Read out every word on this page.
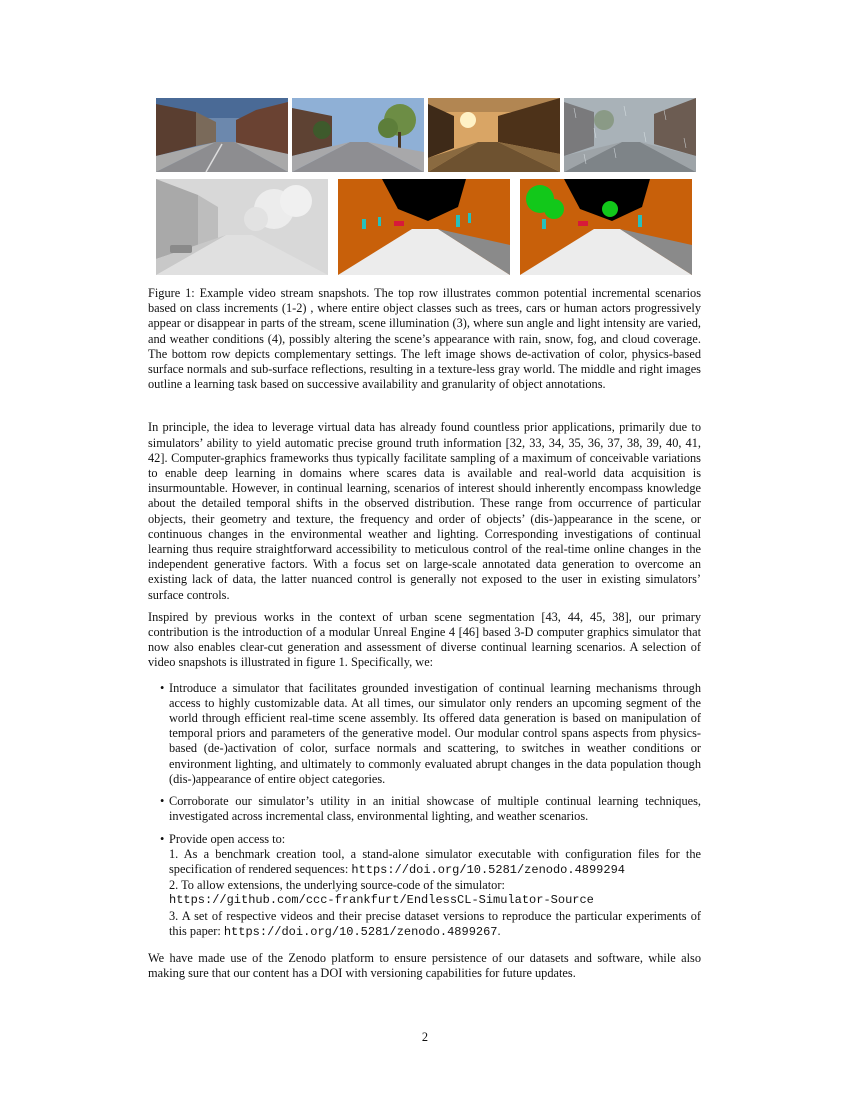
Figure 1: Example video stream snapshots. The top row illustrates common potential incremental scenarios based on class increments (1-2) , where entire object classes such as trees, cars or human actors progressively appear or disappear in parts of the stream, scene illumination (3), where sun angle and light intensity are varied, and weather conditions (4), possibly altering the scene’s appearance with rain, snow, fog, and cloud coverage. The bottom row depicts complementary settings. The left image shows de-activation of color, physics-based surface normals and sub-surface reflections, resulting in a texture-less gray world. The middle and right images outline a learning task based on successive availability and granularity of object annotations.

In principle, the idea to leverage virtual data has already found countless prior applications, primarily due to simulators’ ability to yield automatic precise ground truth information [32, 33, 34, 35, 36, 37, 38, 39, 40, 41, 42]. Computer-graphics frameworks thus typically facilitate sampling of a maximum of conceivable variations to enable deep learning in domains where scares data is available and real-world data acquisition is insurmountable. However, in continual learning, scenarios of interest should inherently encompass knowledge about the detailed temporal shifts in the observed distribution. These range from occurrence of particular objects, their geometry and texture, the frequency and order of objects’ (dis-)appearance in the scene, or continuous changes in the environmental weather and lighting. Corresponding investigations of continual learning thus require straightforward accessibility to meticulous control of the real-time online changes in the independent generative factors. With a focus set on large-scale annotated data generation to overcome an existing lack of data, the latter nuanced control is generally not exposed to the user in existing simulators’ surface controls.

Inspired by previous works in the context of urban scene segmentation [43, 44, 45, 38], our primary contribution is the introduction of a modular Unreal Engine 4 [46] based 3-D computer graphics simulator that now also enables clear-cut generation and assessment of diverse continual learning scenarios. A selection of video snapshots is illustrated in figure 1. Specifically, we:

• Introduce a simulator that facilitates grounded investigation of continual learning mechanisms through access to highly customizable data. At all times, our simulator only renders an upcoming segment of the world through efficient real-time scene assembly. Its offered data generation is based on manipulation of temporal priors and parameters of the generative model. Our modular control spans aspects from physics-based (de-)activation of color, surface normals and scattering, to switches in weather conditions or environment lighting, and ultimately to commonly evaluated abrupt changes in the data population though (dis-)appearance of entire object categories.
• Corroborate our simulator’s utility in an initial showcase of multiple continual learning techniques, investigated across incremental class, environmental lighting, and weather scenarios.
• Provide open access to:
1. As a benchmark creation tool, a stand-alone simulator executable with configuration files for the specification of rendered sequences: https://doi.org/10.5281/zenodo.4899294
2. To allow extensions, the underlying source-code of the simulator:
https://github.com/ccc-frankfurt/EndlessCL-Simulator-Source
3. A set of respective videos and their precise dataset versions to reproduce the particular experiments of this paper: https://doi.org/10.5281/zenodo.4899267.

We have made use of the Zenodo platform to ensure persistence of our datasets and software, while also making sure that our content has a DOI with versioning capabilities for future updates.

2
